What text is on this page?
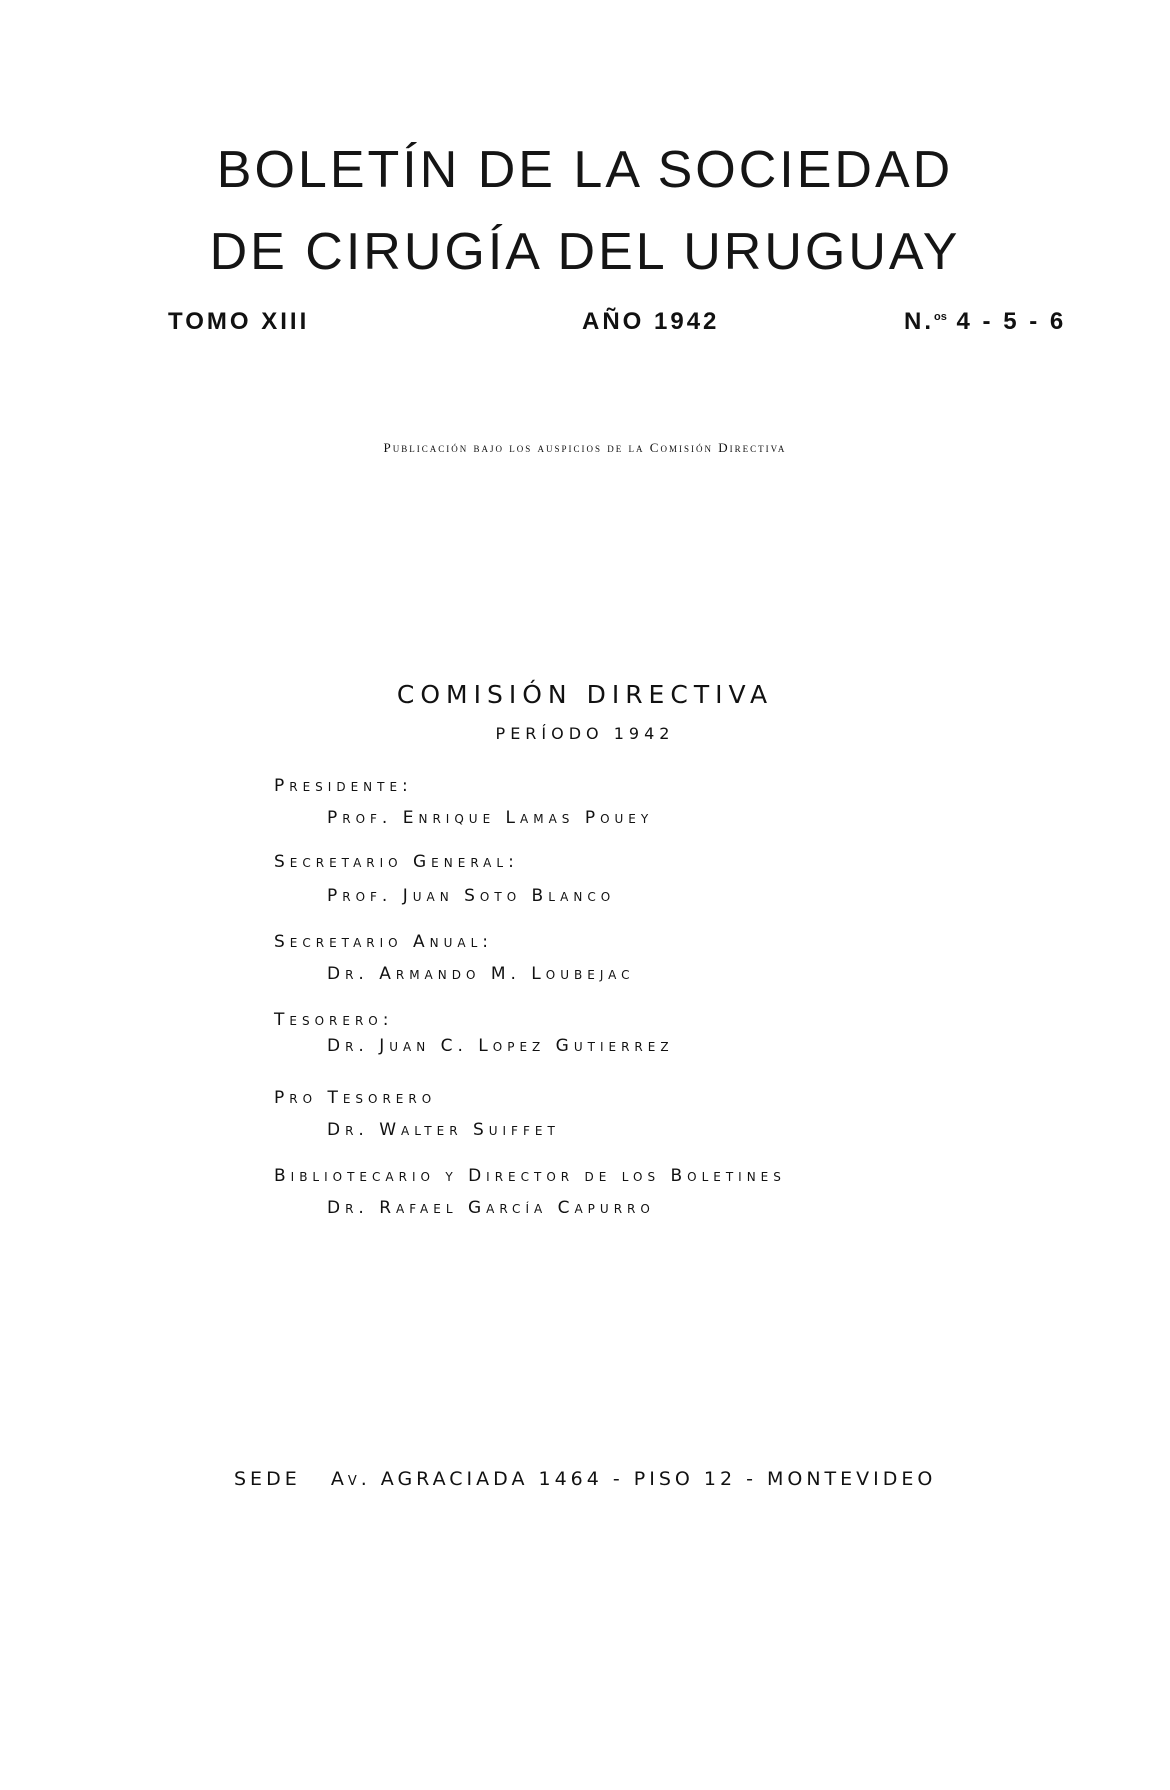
BOLETÍN DE LA SOCIEDAD
DE CIRUGÍA DEL URUGUAY
TOMO XIII	AÑO 1942	N.$^{os}$ 4 - 5 - 6
Publicación bajo los auspicios de la Comisión Directiva
COMISIÓN DIRECTIVA
PERÍODO 1942
Presidente:
Prof. Enrique Lamas Pouey
Secretario General:
Prof. Juan Soto Blanco
Secretario Anual:
Dr. Armando M. Loubejac
Tesorero:
Dr. Juan C. Lopez Gutierrez
Pro Tesorero
Dr. Walter Suiffet
Bibliotecario y Director de los Boletines
Dr. Rafael García Capurro
SEDE Av. AGRACIADA 1464 - PISO 12 - MONTEVIDEO
